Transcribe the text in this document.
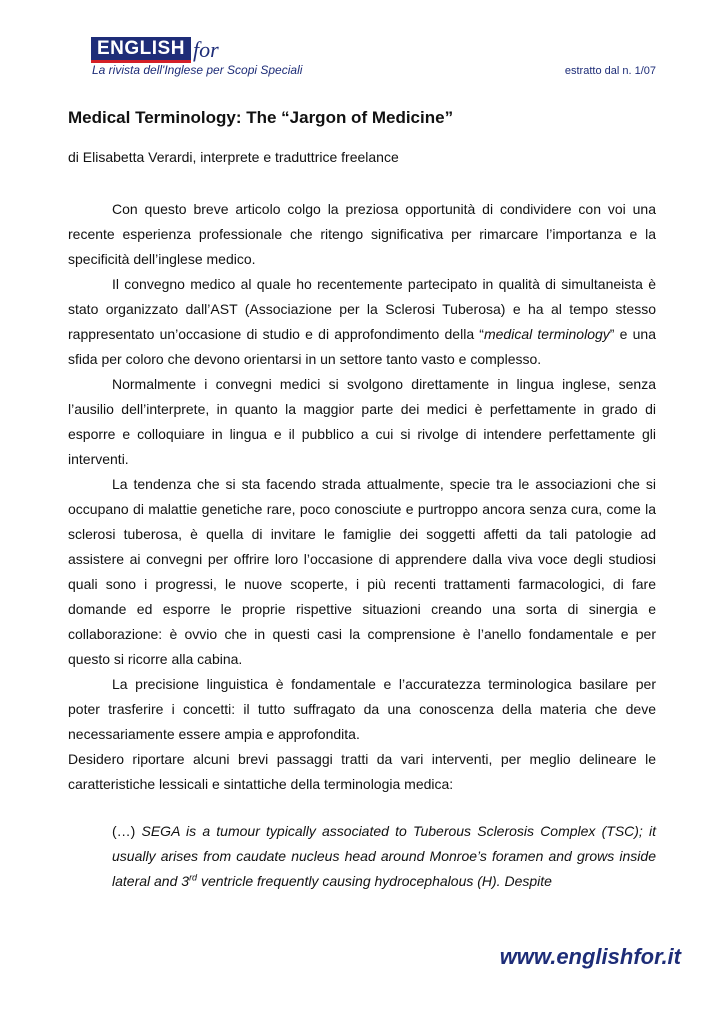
ENGLISH for
La rivista dell'Inglese per Scopi Speciali	estratto dal n. 1/07
Medical Terminology: The “Jargon of Medicine”
di Elisabetta Verardi, interprete e traduttrice freelance

Con questo breve articolo colgo la preziosa opportunità di condividere con voi una recente esperienza professionale che ritengo significativa per rimarcare l’importanza e la specificità dell’inglese medico.

Il convegno medico al quale ho recentemente partecipato in qualità di simultaneista è stato organizzato dall’AST (Associazione per la Sclerosi Tuberosa) e ha al tempo stesso rappresentato un’occasione di studio e di approfondimento della “medical terminology” e una sfida per coloro che devono orientarsi in un settore tanto vasto e complesso.

Normalmente i convegni medici si svolgono direttamente in lingua inglese, senza l’ausilio dell’interprete, in quanto la maggior parte dei medici è perfettamente in grado di esporre e colloquiare in lingua e il pubblico a cui si rivolge di intendere perfettamente gli interventi.

La tendenza che si sta facendo strada attualmente, specie tra le associazioni che si occupano di malattie genetiche rare, poco conosciute e purtroppo ancora senza cura, come la sclerosi tuberosa, è quella di invitare le famiglie dei soggetti affetti da tali patologie ad assistere ai convegni per offrire loro l’occasione di apprendere dalla viva voce degli studiosi quali sono i progressi, le nuove scoperte, i più recenti trattamenti farmacologici, di fare domande ed esporre le proprie rispettive situazioni creando una sorta di sinergia e collaborazione: è ovvio che in questi casi la comprensione è l’anello fondamentale e per questo si ricorre alla cabina.

La precisione linguistica è fondamentale e l’accuratezza terminologica basilare per poter trasferire i concetti: il tutto suffragato da una conoscenza della materia che deve necessariamente essere ampia e approfondita.

Desidero riportare alcuni brevi passaggi tratti da vari interventi, per meglio delineare le caratteristiche lessicali e sintattiche della terminologia medica:

(…) SEGA is a tumour typically associated to Tuberous Sclerosis Complex (TSC); it usually arises from caudate nucleus head around Monroe’s foramen and grows inside lateral and 3rd ventricle frequently causing hydrocephalous (H). Despite

www.englishfor.it
